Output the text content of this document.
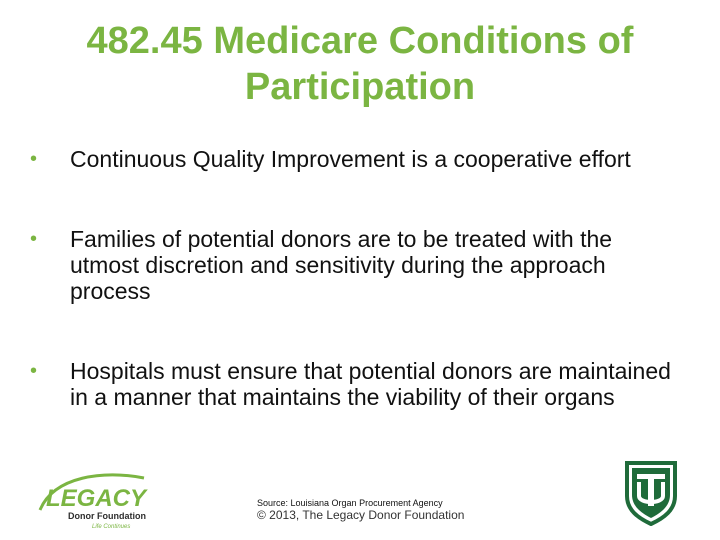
482.45 Medicare Conditions of Participation
• Continuous Quality Improvement is a cooperative effort
• Families of potential donors are to be treated with the utmost discretion and sensitivity during the approach process
• Hospitals must ensure that potential donors are maintained in a manner that maintains the viability of their organs
LEGACY
Donor Foundation
Life Continues
Source: Louisiana Organ Procurement Agency
© 2013, The Legacy Donor Foundation
